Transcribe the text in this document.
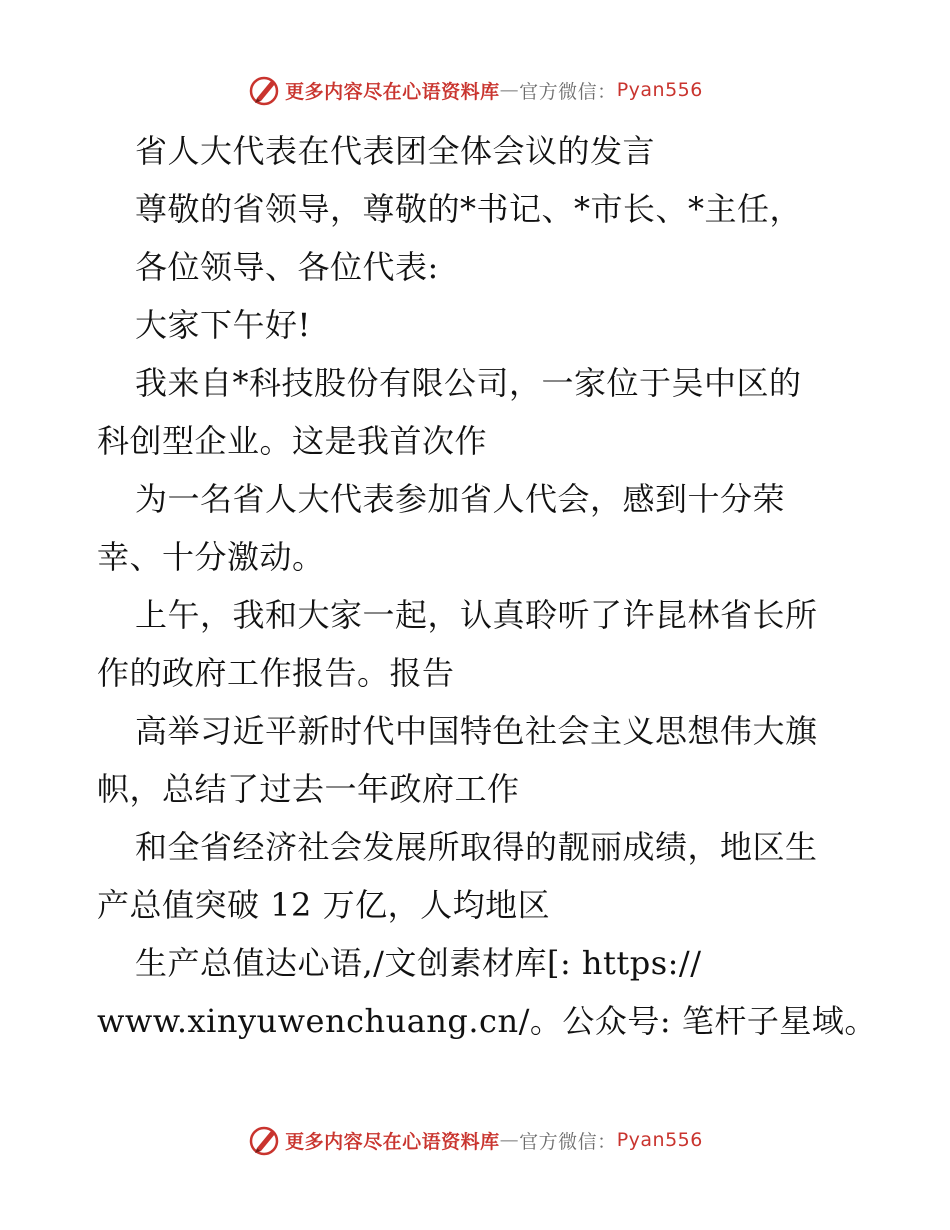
更多内容尽在心语资料库 — 官方微信： Pyan556
省人大代表在代表团全体会议的发言
尊敬的省领导，尊敬的*书记、*市长、*主任，
各位领导、各位代表:
大家下午好!
我来自*科技股份有限公司，一家位于吴中区的
科创型企业。这是我首次作
为一名省人大代表参加省人代会，感到十分荣
幸、十分激动。
上午，我和大家一起，认真聆听了许昆林省长所
作的政府工作报告。报告
高举习近平新时代中国特色社会主义思想伟大旗
帜，总结了过去一年政府工作
和全省经济社会发展所取得的靓丽成绩，地区生
产总值突破 12 万亿，人均地区
生产总值达心语,/文创素材库[: https://
www.xinyuwenchuang.cn/。公众号: 笔杆子星域。
更多内容尽在心语资料库 — 官方微信： Pyan556
